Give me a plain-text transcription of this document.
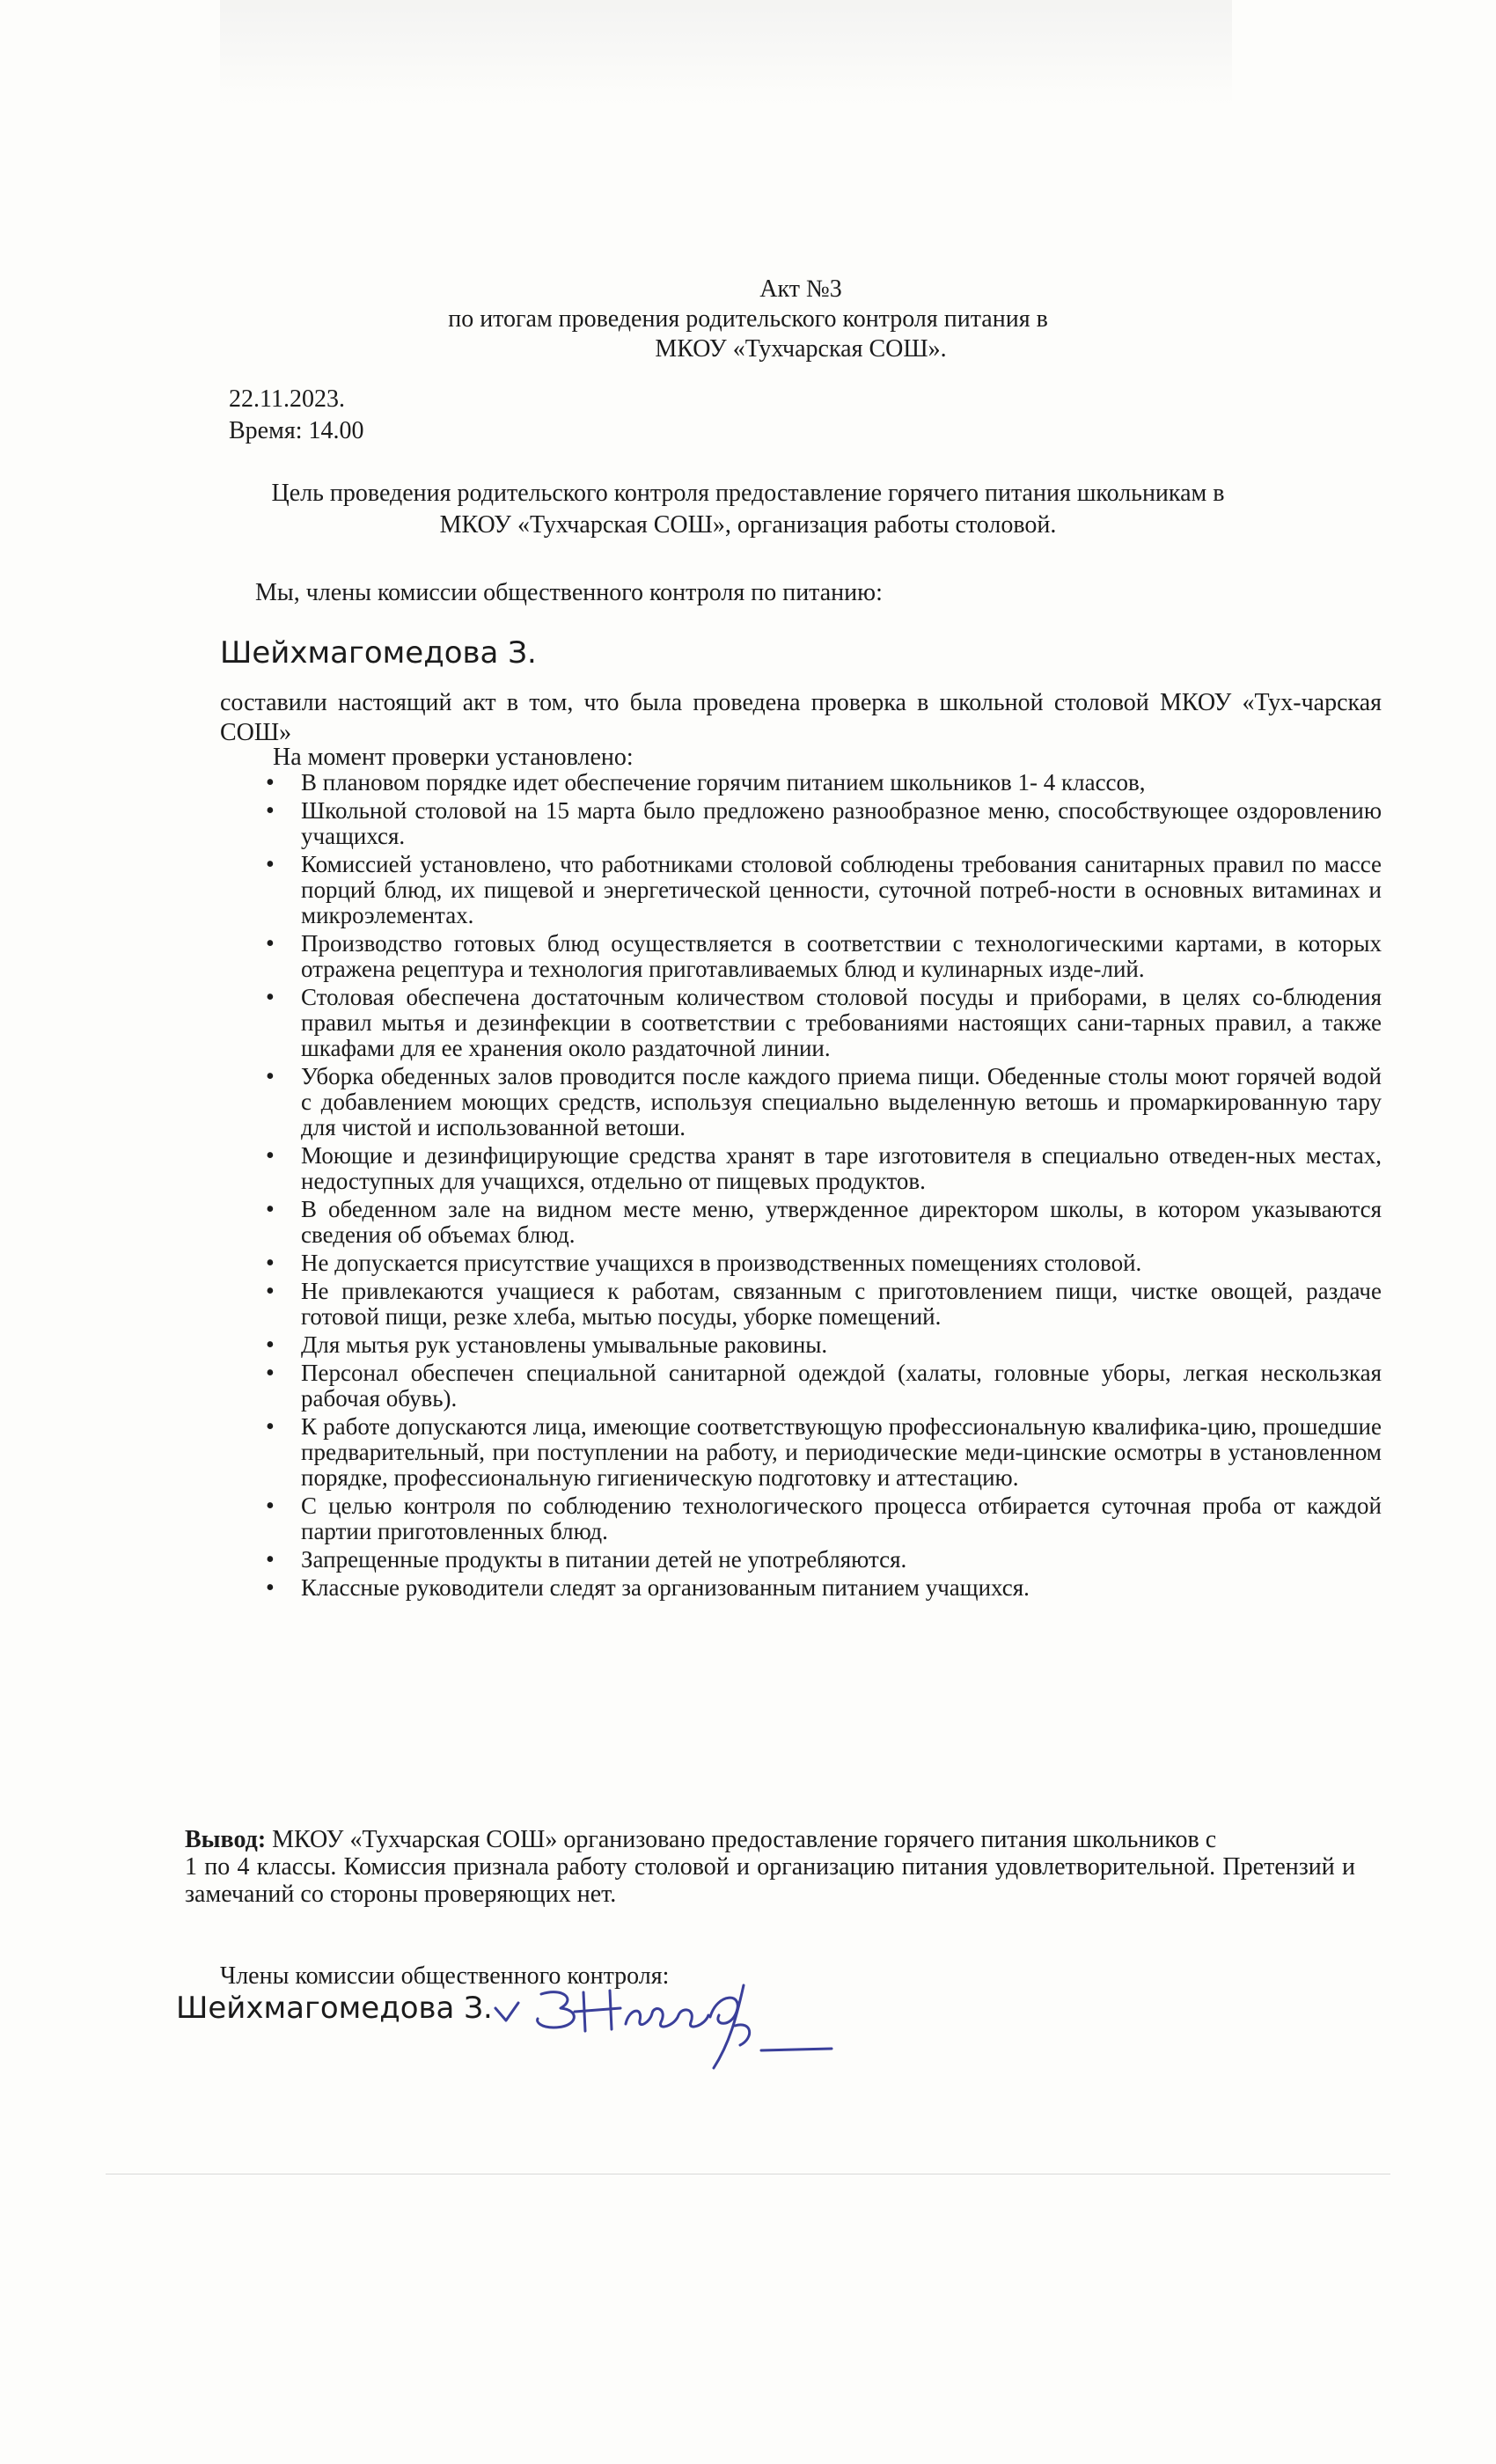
Акт №3
по итогам проведения родительского контроля питания в
МКОУ «Тухчарская СОШ».
22.11.2023.
Время: 14.00
Цель проведения родительского контроля предоставление горячего питания школьникам в
МКОУ «Тухчарская СОШ», организация работы столовой.
Мы, члены комиссии общественного контроля по питанию:
Шейхмагомедова З.
составили настоящий акт в том, что была проведена проверка в школьной столовой МКОУ «Тух-чарская СОШ»
На момент проверки установлено:
• В плановом порядке идет обеспечение горячим питанием школьников 1- 4 классов,
• Школьной столовой на 15 марта было предложено разнообразное меню, способствующее оздоровлению учащихся.
• Комиссией установлено, что работниками столовой соблюдены требования санитарных правил по массе порций блюд, их пищевой и энергетической ценности, суточной потреб-ности в основных витаминах и микроэлементах.
• Производство готовых блюд осуществляется в соответствии с технологическими картами, в которых отражена рецептура и технология приготавливаемых блюд и кулинарных изде-лий.
• Столовая обеспечена достаточным количеством столовой посуды и приборами, в целях со-блюдения правил мытья и дезинфекции в соответствии с требованиями настоящих сани-тарных правил, а также шкафами для ее хранения около раздаточной линии.
• Уборка обеденных залов проводится после каждого приема пищи. Обеденные столы моют горячей водой с добавлением моющих средств, используя специально выделенную ветошь и промаркированную тару для чистой и использованной ветоши.
• Моющие и дезинфицирующие средства хранят в таре изготовителя в специально отведен-ных местах, недоступных для учащихся, отдельно от пищевых продуктов.
• В обеденном зале на видном месте меню, утвержденное директором школы, в котором указываются сведения об объемах блюд.
• Не допускается присутствие учащихся в производственных помещениях столовой.
• Не привлекаются учащиеся к работам, связанным с приготовлением пищи, чистке овощей, раздаче готовой пищи, резке хлеба, мытью посуды, уборке помещений.
• Для мытья рук установлены умывальные раковины.
• Персонал обеспечен специальной санитарной одеждой (халаты, головные уборы, легкая нескользкая рабочая обувь).
• К работе допускаются лица, имеющие соответствующую профессиональную квалифика-цию, прошедшие предварительный, при поступлении на работу, и периодические меди-цинские осмотры в установленном порядке, профессиональную гигиеническую подготовку и аттестацию.
• С целью контроля по соблюдению технологического процесса отбирается суточная проба от каждой партии приготовленных блюд.
• Запрещенные продукты в питании детей не употребляются.
• Классные руководители следят за организованным питанием учащихся.
Вывод: МКОУ «Тухчарская СОШ» организовано предоставление горячего питания школьников с
1 по 4 классы. Комиссия признала работу столовой и организацию питания удовлетворительной. Претензий и замечаний со стороны проверяющих нет.
Члены комиссии общественного контроля:
Шейхмагомедова З.
